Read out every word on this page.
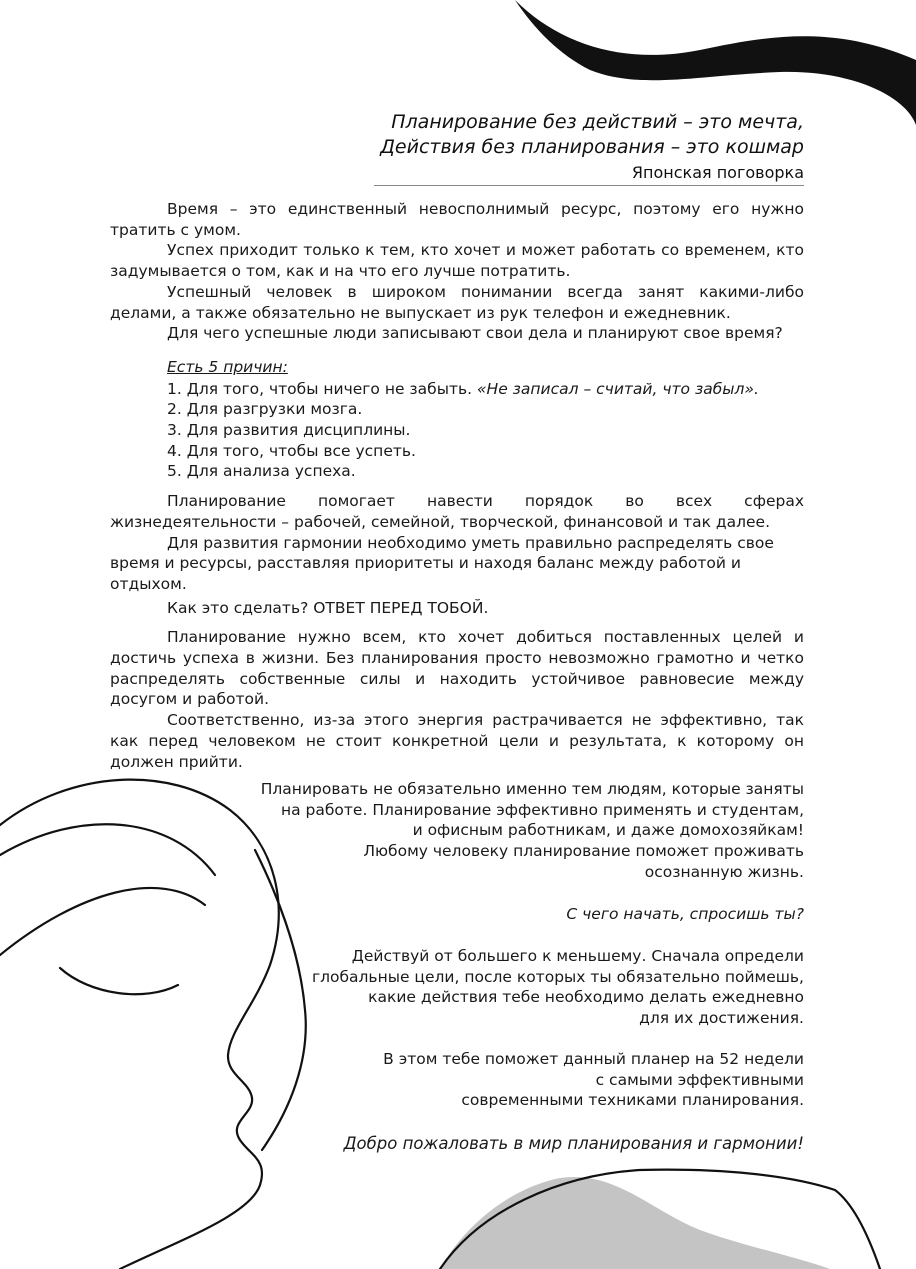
Планирование без действий – это мечта,
Действия без планирования – это кошмар
Японская поговорка

Время – это единственный невосполнимый ресурс, поэтому его нужно тратить с умом.

Успех приходит только к тем, кто хочет и может работать со временем, кто задумывается о том, как и на что его лучше потратить.

Успешный человек в широком понимании всегда занят какими-либо делами, а также обязательно не выпускает из рук телефон и ежедневник.

Для чего успешные люди записывают свои дела и планируют свое время?

Есть 5 причин:
1. Для того, чтобы ничего не забыть. «Не записал – считай, что забыл».
2. Для разгрузки мозга.
3. Для развития дисциплины.
4. Для того, чтобы все успеть.
5. Для анализа успеха.

Планирование помогает навести порядок во всех сферах жизнедеятельности – рабочей, семейной, творческой, финансовой и так далее.

Для развития гармонии необходимо уметь правильно распределять свое время и ресурсы, расставляя приоритеты и находя баланс между работой и отдыхом.

Как это сделать? ОТВЕТ ПЕРЕД ТОБОЙ.

Планирование нужно всем, кто хочет добиться поставленных целей и достичь успеха в жизни. Без планирования просто невозможно грамотно и четко распределять собственные силы и находить устойчивое равновесие между досугом и работой.

Соответственно, из-за этого энергия растрачивается не эффективно, так как перед человеком не стоит конкретной цели и результата, к которому он должен прийти.

Планировать не обязательно именно тем людям, которые заняты
на работе. Планирование эффективно применять и студентам,
и офисным работникам, и даже домохозяйкам!
Любому человеку планирование поможет проживать
осознанную жизнь.
С чего начать, спросишь ты?
Действуй от большего к меньшему. Сначала определи
глобальные цели, после которых ты обязательно поймешь,
какие действия тебе необходимо делать ежедневно
для их достижения.
В этом тебе поможет данный планер на 52 недели
с самыми эффективными
современными техниками планирования.
Добро пожаловать в мир планирования и гармонии!
